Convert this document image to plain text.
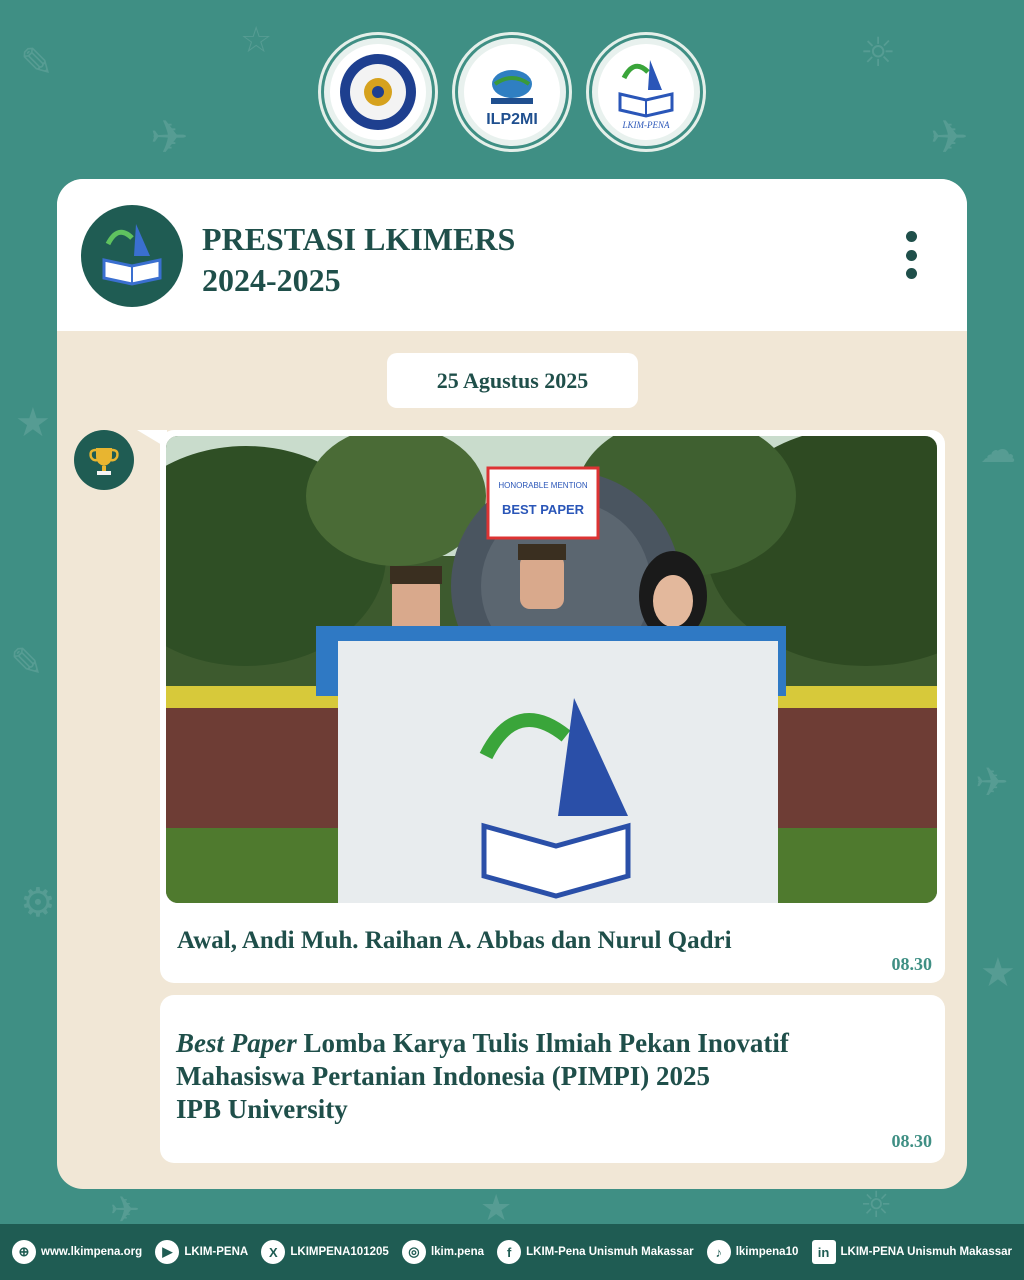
✎
✈
☆	☼
✈
★
☁
✎
✈
⚙
★
✈	★	☼
ILP2MI	LKIM-PENA
PRESTASI LKIMERS
2024-2025
25 Agustus 2025
HONORABLE MENTION
BEST PAPER
Awal, Andi Muh. Raihan A. Abbas dan Nurul Qadri
08.30
Best Paper Lomba Karya Tulis Ilmiah Pekan Inovatif
Mahasiswa Pertanian Indonesia (PIMPI) 2025
IPB University
08.30
⊕	www.lkimpena.org	▶	LKIM-PENA	X	LKIMPENA101205	◎ lkim.pena	f	LKIM-Pena Unismuh Makassar	♪	lkimpena10	in LKIM-PENA Unismuh Makassar
